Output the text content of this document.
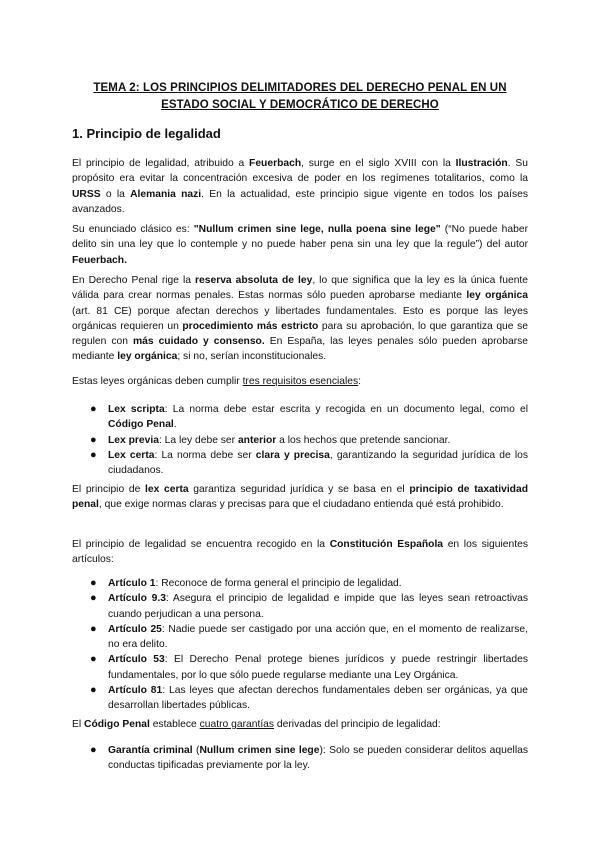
TEMA 2: LOS PRINCIPIOS DELIMITADORES DEL DERECHO PENAL EN UN
ESTADO SOCIAL Y DEMOCRÁTICO DE DERECHO
1. Principio de legalidad

El principio de legalidad, atribuido a Feuerbach, surge en el siglo XVIII con la Ilustración. Su propósito era evitar la concentración excesiva de poder en los regímenes totalitarios, como la URSS o la Alemania nazi. En la actualidad, este principio sigue vigente en todos los países avanzados.

Su enunciado clásico es: "Nullum crimen sine lege, nulla poena sine lege" (“No puede haber delito sin una ley que lo contemple y no puede haber pena sin una ley que la regule”) del autor Feuerbach.

En Derecho Penal rige la reserva absoluta de ley, lo que significa que la ley es la única fuente válida para crear normas penales. Estas normas sólo pueden aprobarse mediante ley orgánica (art. 81 CE) porque afectan derechos y libertades fundamentales. Esto es porque las leyes orgánicas requieren un procedimiento más estricto para su aprobación, lo que garantiza que se regulen con más cuidado y consenso. En España, las leyes penales sólo pueden aprobarse mediante ley orgánica; si no, serían inconstitucionales.

Estas leyes orgánicas deben cumplir tres requisitos esenciales:

● Lex scripta: La norma debe estar escrita y recogida en un documento legal, como el Código Penal.
● Lex previa: La ley debe ser anterior a los hechos que pretende sancionar.
● Lex certa: La norma debe ser clara y precisa, garantizando la seguridad jurídica de los ciudadanos.

El principio de lex certa garantiza seguridad jurídica y se basa en el principio de taxatividad penal, que exige normas claras y precisas para que el ciudadano entienda qué está prohibido.

El principio de legalidad se encuentra recogido en la Constitución Española en los siguientes artículos:

● Artículo 1: Reconoce de forma general el principio de legalidad.
● Artículo 9.3: Asegura el principio de legalidad e impide que las leyes sean retroactivas cuando perjudican a una persona.
● Artículo 25: Nadie puede ser castigado por una acción que, en el momento de realizarse, no era delito.
● Artículo 53: El Derecho Penal protege bienes jurídicos y puede restringir libertades fundamentales, por lo que sólo puede regularse mediante una Ley Orgánica.
● Artículo 81: Las leyes que afectan derechos fundamentales deben ser orgánicas, ya que desarrollan libertades públicas.

El Código Penal establece cuatro garantías derivadas del principio de legalidad:

● Garantía criminal (Nullum crimen sine lege): Solo se pueden considerar delitos aquellas conductas tipificadas previamente por la ley.
